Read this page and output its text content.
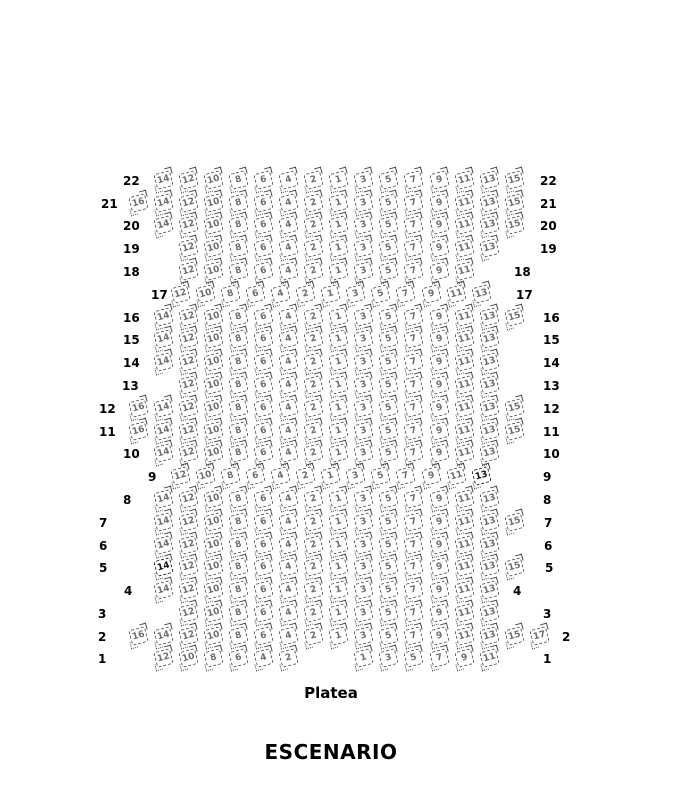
22	14	12	10	8	6	4	2	1	3	5	7	9	11	13	15 22
21	16	14	12	10	8	6	4	2	1	3	5	7	9	11	13	15 21
20	14	12	10	8	6	4	2	1	3	5	7	9	11	13	15 20
19	12	10	8	6	4	2	1	3	5	7	9	11	13	19
18	12	10	8	6	4	2	1	3	5	7	9	11	18
17 12	10	8	6	4	2	1	3	5	7	9	11	13 17
16	14	12	10	8	6	4	2	1	3	5	7	9	11	13	15 16
15	14	12	10	8	6	4	2	1	3	5	7	9	11	13	15
14	14	12	10	8	6	4	2	1	3	5	7	9	11	13	14
13	12	10	8	6	4	2	1	3	5	7	9	11	13	13
12	16	14	12	10	8	6	4	2	1	3	5	7	9	11	13	15 12
11	16	14	12	10	8	6	4	2	1	3	5	7	9	11	13	15 11
10	14	12	10	8	6	4	2	1	3	5	7	9	11	13	10
9	12	10	8	6	4	2	1	3	5	7	9	11	13	9
8	14	12	10	8	6	4	2	1	3	5	7	9	11	13	8
7	14	12	10	8	6	4	2	1	3	5	7	9	11	13	15 7
6	14	12	10	8	6	4	2	1	3	5	7	9	11	13	6
5	14	12	10	8	6	4	2	1	3	5	7	9	11	13	15 5
4	14	12	10	8	6	4	2	1	3	5	7	9	11	13 4
3	12	10	8	6	4	2	1	3	5	7	9	11	13	3
2	16	14	12	10	8	6	4	2	1	3	5	7	9	11	13	15	17 2
1	12	10	8	6	4	2	1	3	5	7	9	11	1
Platea
ESCENARIO
